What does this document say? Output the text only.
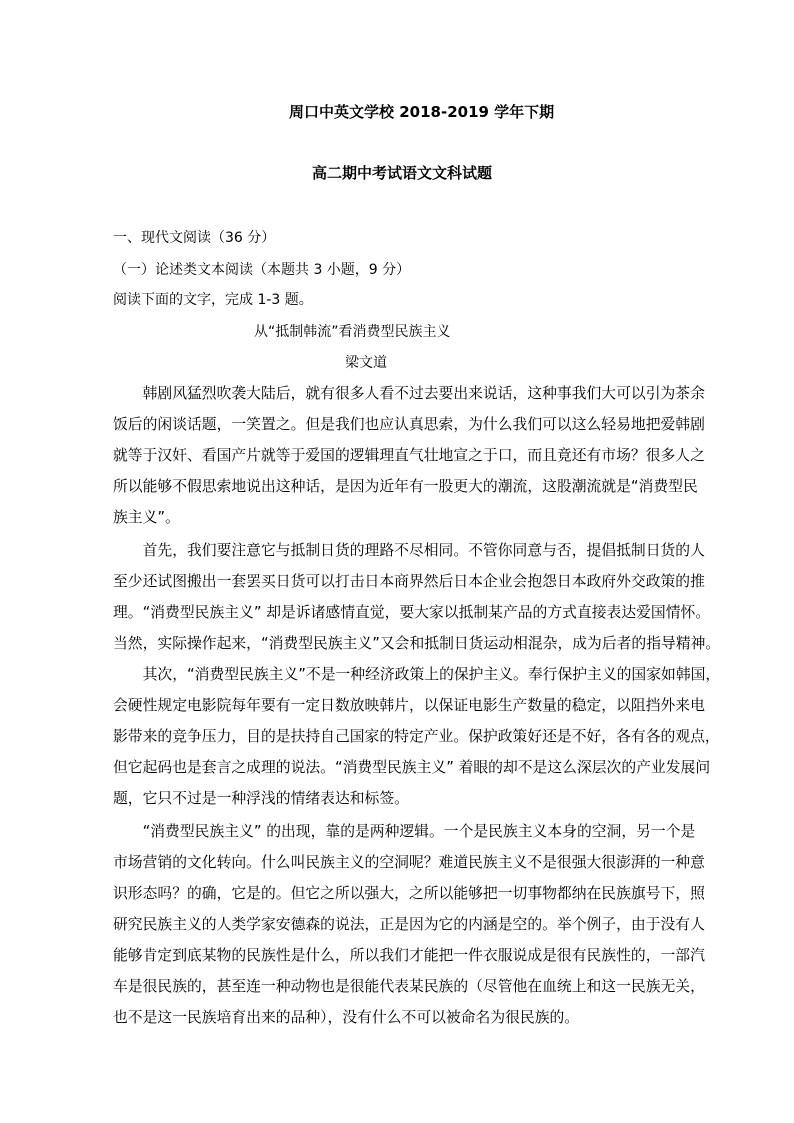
周口中英文学校 2018-2019 学年下期
高二期中考试语文文科试题
一、现代文阅读（36 分）
（一）论述类文本阅读（本题共 3 小题，9 分）
阅读下面的文字，完成 1-3 题。
从“抵制韩流”看消费型民族主义
梁文道
　　韩剧风猛烈吹袭大陆后，就有很多人看不过去要出来说话，这种事我们大可以引为茶余
饭后的闲谈话题，一笑置之。但是我们也应认真思索，为什么我们可以这么轻易地把爱韩剧
就等于汉奸、看国产片就等于爱国的逻辑理直气壮地宣之于口，而且竟还有市场？很多人之
所以能够不假思索地说出这种话，是因为近年有一股更大的潮流，这股潮流就是“消费型民
族主义”。
　　首先，我们要注意它与抵制日货的理路不尽相同。不管你同意与否，提倡抵制日货的人
至少还试图搬出一套罢买日货可以打击日本商界然后日本企业会抱怨日本政府外交政策的推
理。“消费型民族主义” 却是诉诸感情直觉，要大家以抵制某产品的方式直接表达爱国情怀。
当然，实际操作起来，“消费型民族主义”又会和抵制日货运动相混杂，成为后者的指导精神。
　　其次，“消费型民族主义”不是一种经济政策上的保护主义。奉行保护主义的国家如韩国，
会硬性规定电影院每年要有一定日数放映韩片，以保证电影生产数量的稳定，以阻挡外来电
影带来的竞争压力，目的是扶持自己国家的特定产业。保护政策好还是不好，各有各的观点，
但它起码也是套言之成理的说法。“消费型民族主义” 着眼的却不是这么深层次的产业发展问
题，它只不过是一种浮浅的情绪表达和标签。
　　“消费型民族主义” 的出现，靠的是两种逻辑。一个是民族主义本身的空洞，另一个是
市场营销的文化转向。什么叫民族主义的空洞呢？难道民族主义不是很强大很澎湃的一种意
识形态吗？的确，它是的。但它之所以强大，之所以能够把一切事物都纳在民族旗号下，照
研究民族主义的人类学家安德森的说法，正是因为它的内涵是空的。举个例子，由于没有人
能够肯定到底某物的民族性是什么，所以我们才能把一件衣服说成是很有民族性的，一部汽
车是很民族的，甚至连一种动物也是很能代表某民族的（尽管他在血统上和这一民族无关，
也不是这一民族培育出来的品种），没有什么不可以被命名为很民族的。
